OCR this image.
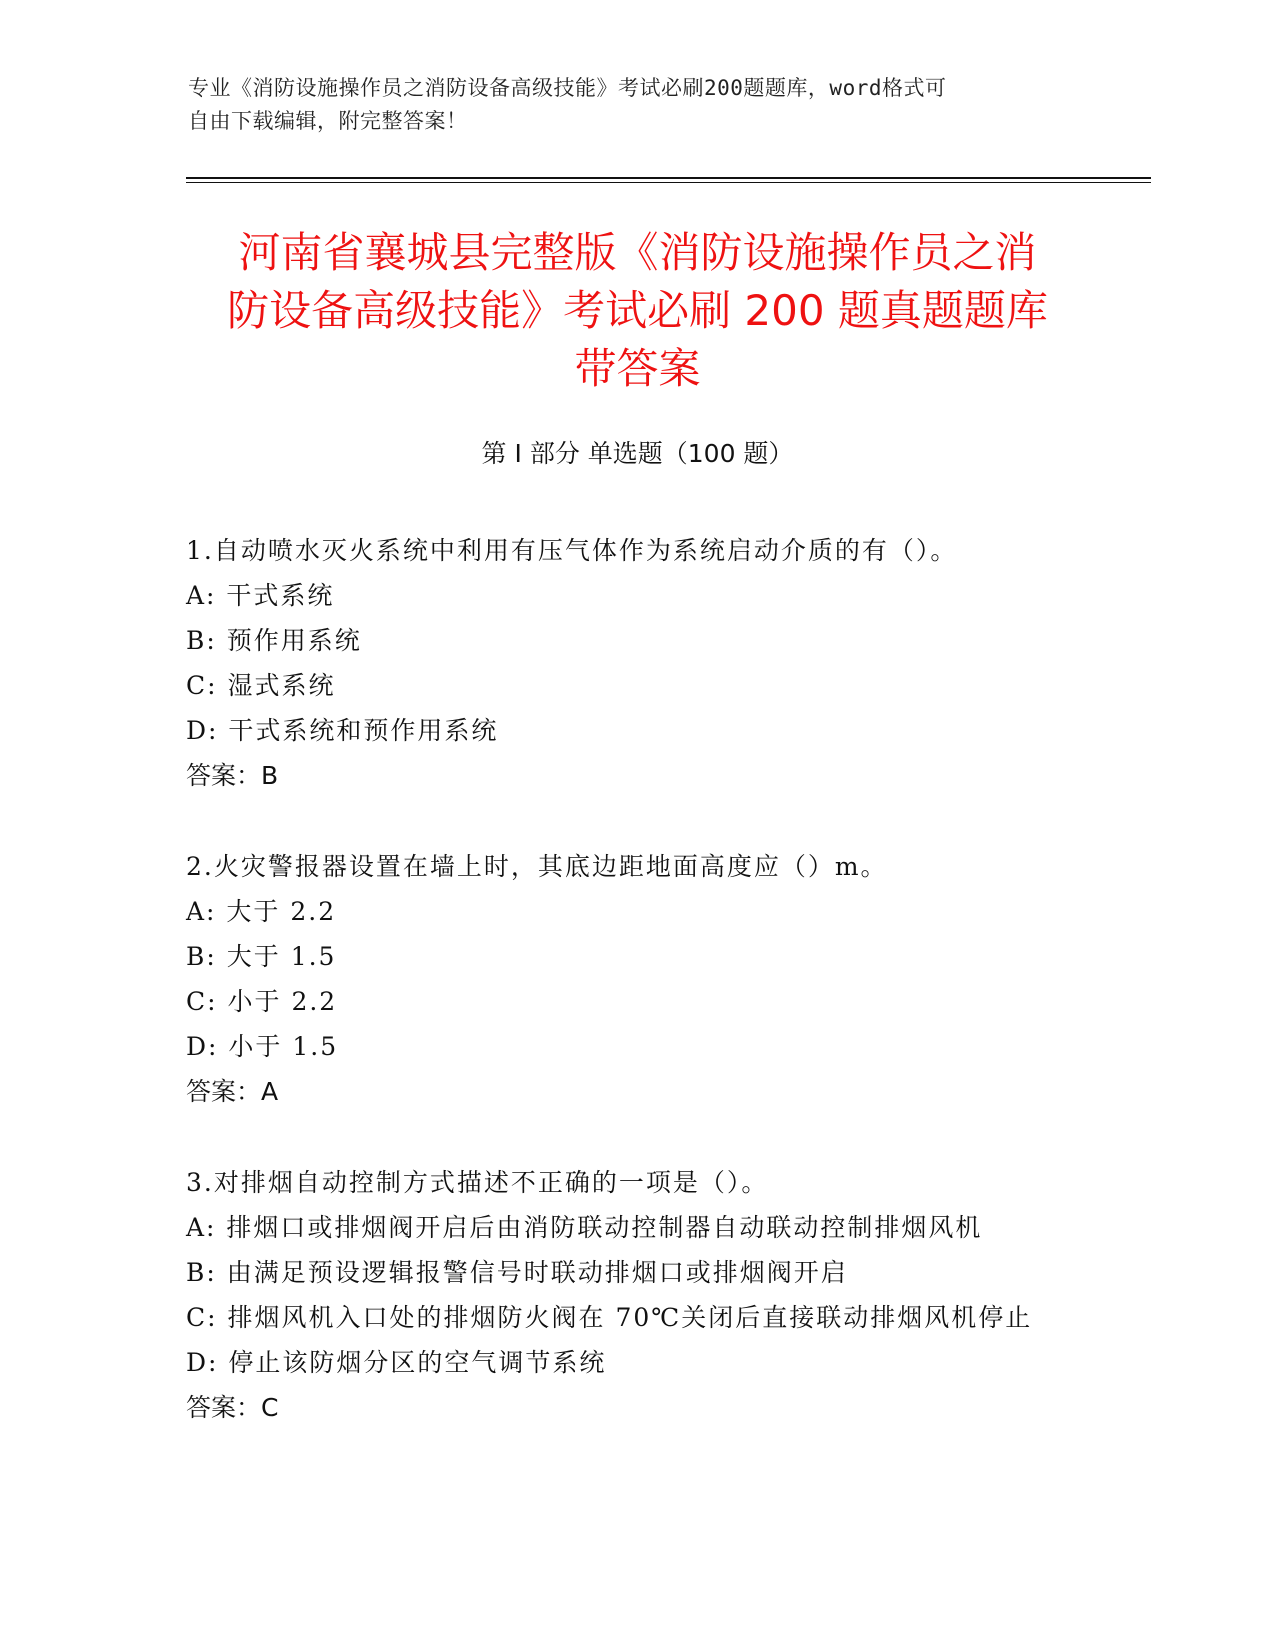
专业《消防设施操作员之消防设备高级技能》考试必刷200题题库，word格式可
自由下载编辑，附完整答案！
河南省襄城县完整版《消防设施操作员之消
防设备高级技能》考试必刷 200 题真题题库
带答案
第 I 部分 单选题（100 题）
1.自动喷水灭火系统中利用有压气体作为系统启动介质的有（）。
A: 干式系统
B: 预作用系统
C: 湿式系统
D: 干式系统和预作用系统
答案：B
2.火灾警报器设置在墙上时，其底边距地面高度应（）m。
A: 大于 2.2
B: 大于 1.5
C: 小于 2.2
D: 小于 1.5
答案：A
3.对排烟自动控制方式描述不正确的一项是（）。
A: 排烟口或排烟阀开启后由消防联动控制器自动联动控制排烟风机
B: 由满足预设逻辑报警信号时联动排烟口或排烟阀开启
C: 排烟风机入口处的排烟防火阀在 70℃关闭后直接联动排烟风机停止
D: 停止该防烟分区的空气调节系统
答案：C
